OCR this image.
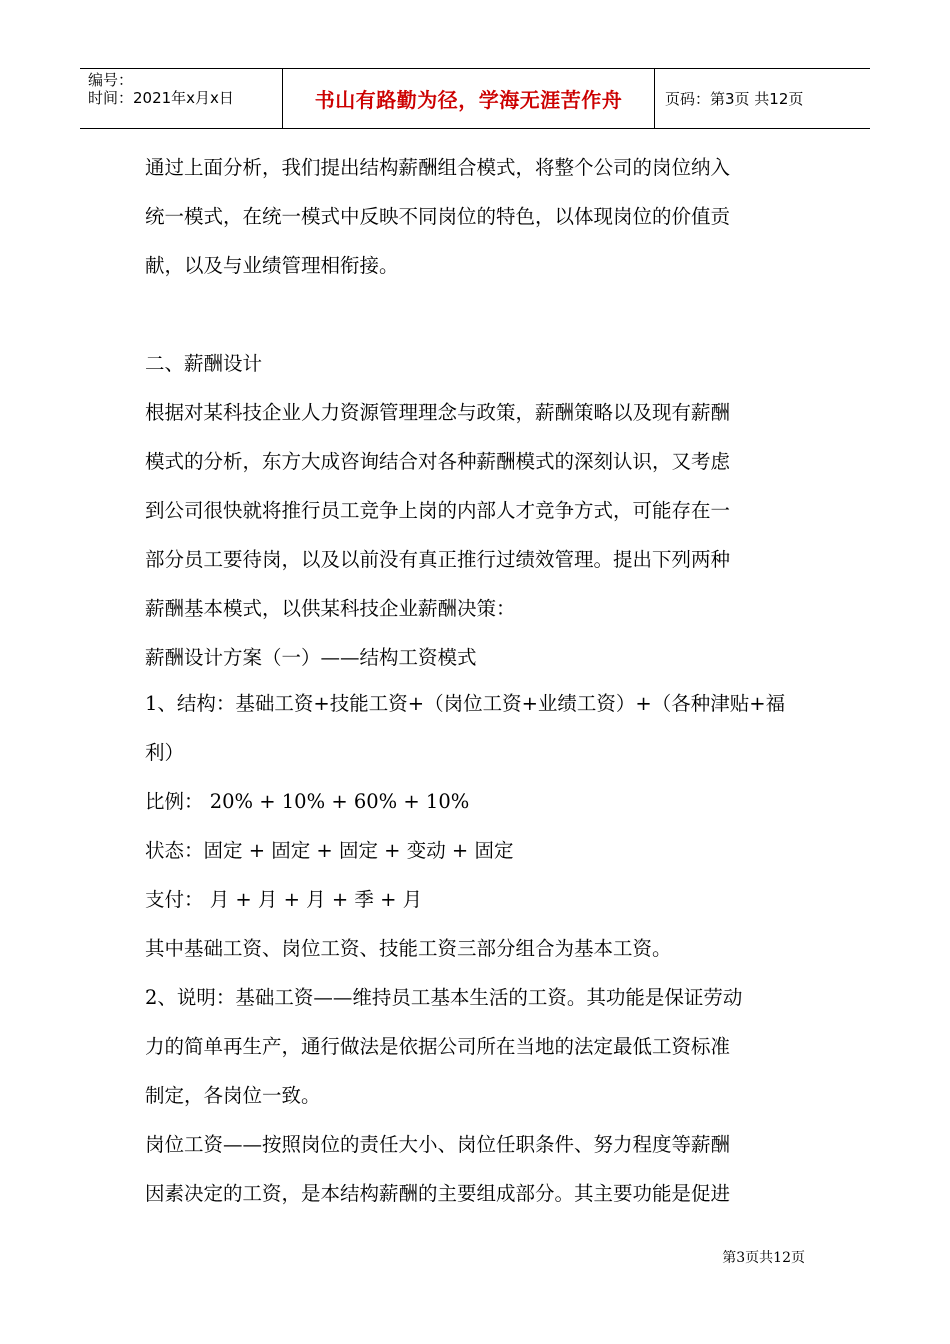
编号：
时间：2021年x月x日	书山有路勤为径，学海无涯苦作舟	页码：第3页 共12页
通过上面分析，我们提出结构薪酬组合模式，将整个公司的岗位纳入
统一模式，在统一模式中反映不同岗位的特色，以体现岗位的价值贡
献，以及与业绩管理相衔接。
二、薪酬设计
根据对某科技企业人力资源管理理念与政策，薪酬策略以及现有薪酬
模式的分析，东方大成咨询结合对各种薪酬模式的深刻认识，又考虑
到公司很快就将推行员工竞争上岗的内部人才竞争方式，可能存在一
部分员工要待岗，以及以前没有真正推行过绩效管理。提出下列两种
薪酬基本模式，以供某科技企业薪酬决策：
薪酬设计方案（一）——结构工资模式
1、结构：基础工资+技能工资+（岗位工资+业绩工资）+（各种津贴+福
利）
比例： 20% + 10% + 60% + 10%
状态：固定 + 固定 + 固定 + 变动 + 固定
支付： 月 + 月 + 月 + 季 + 月
其中基础工资、岗位工资、技能工资三部分组合为基本工资。
2、说明：基础工资——维持员工基本生活的工资。其功能是保证劳动
力的简单再生产，通行做法是依据公司所在当地的法定最低工资标准
制定，各岗位一致。
岗位工资——按照岗位的责任大小、岗位任职条件、努力程度等薪酬
因素决定的工资，是本结构薪酬的主要组成部分。其主要功能是促进
第3页共12页
